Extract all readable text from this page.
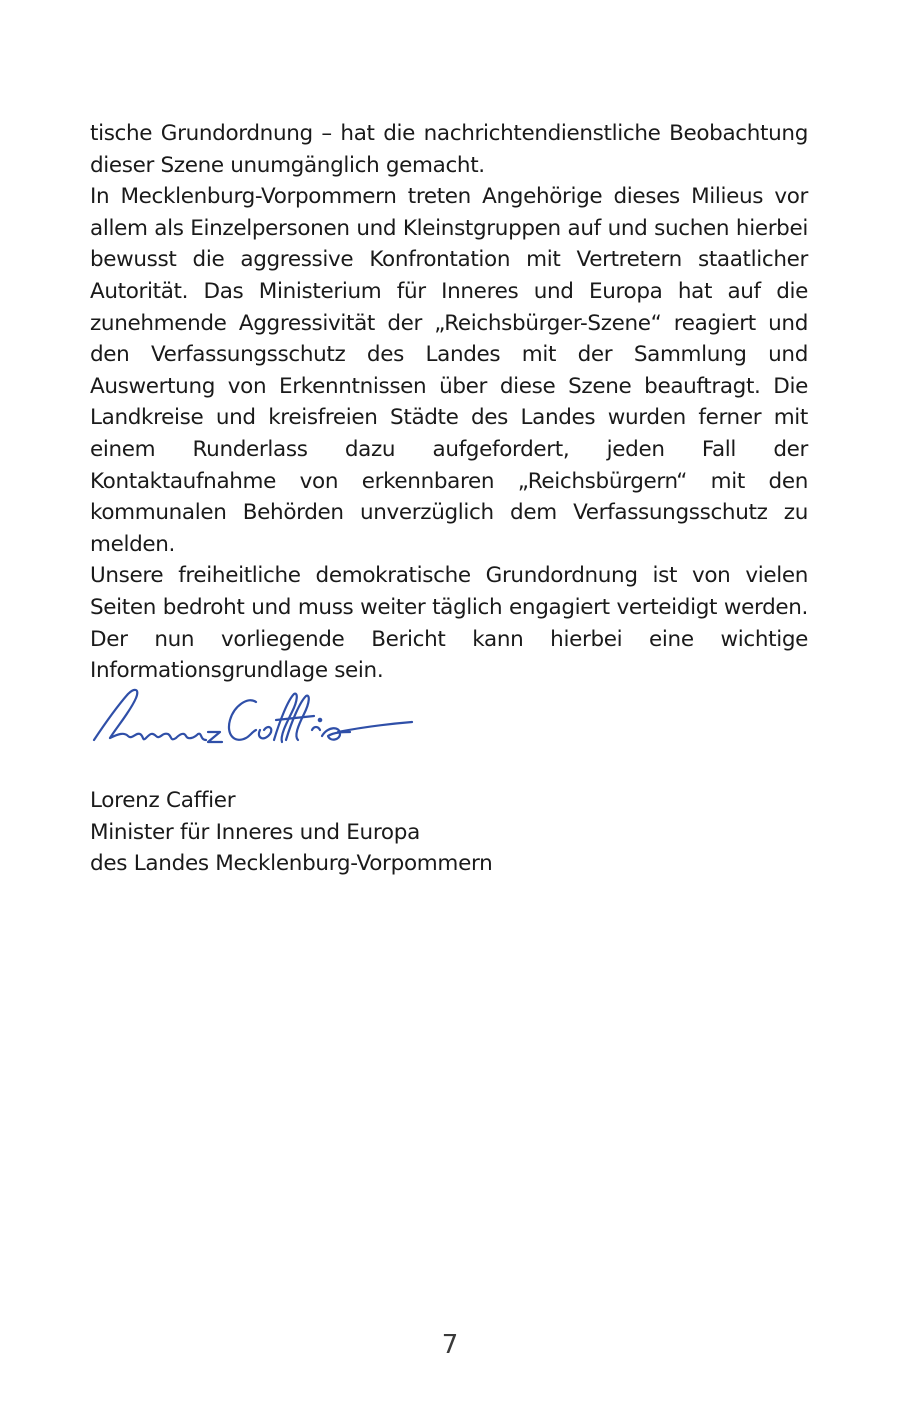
tische Grundordnung – hat die nachrichtendienstliche Beobachtung dieser Szene unumgänglich gemacht.

In Mecklenburg-Vorpommern treten Angehörige dieses Milieus vor allem als Einzelpersonen und Kleinstgruppen auf und suchen hierbei bewusst die aggressive Konfrontation mit Vertretern staatlicher Autorität. Das Ministerium für Inneres und Europa hat auf die zunehmende Aggressivität der „Reichsbürger-Szene“ reagiert und den Verfassungsschutz des Landes mit der Sammlung und Auswertung von Erkenntnissen über diese Szene beauftragt. Die Landkreise und kreisfreien Städte des Landes wurden ferner mit einem Runderlass dazu aufgefordert, jeden Fall der Kontaktaufnahme von erkennbaren „Reichsbürgern“ mit den kommunalen Behörden unverzüglich dem Verfassungsschutz zu melden.

Unsere freiheitliche demokratische Grundordnung ist von vielen Seiten bedroht und muss weiter täglich engagiert verteidigt werden. Der nun vorliegende Bericht kann hierbei eine wichtige Informationsgrundlage sein.

Lorenz Caffier
Minister für Inneres und Europa
des Landes Mecklenburg-Vorpommern
7
